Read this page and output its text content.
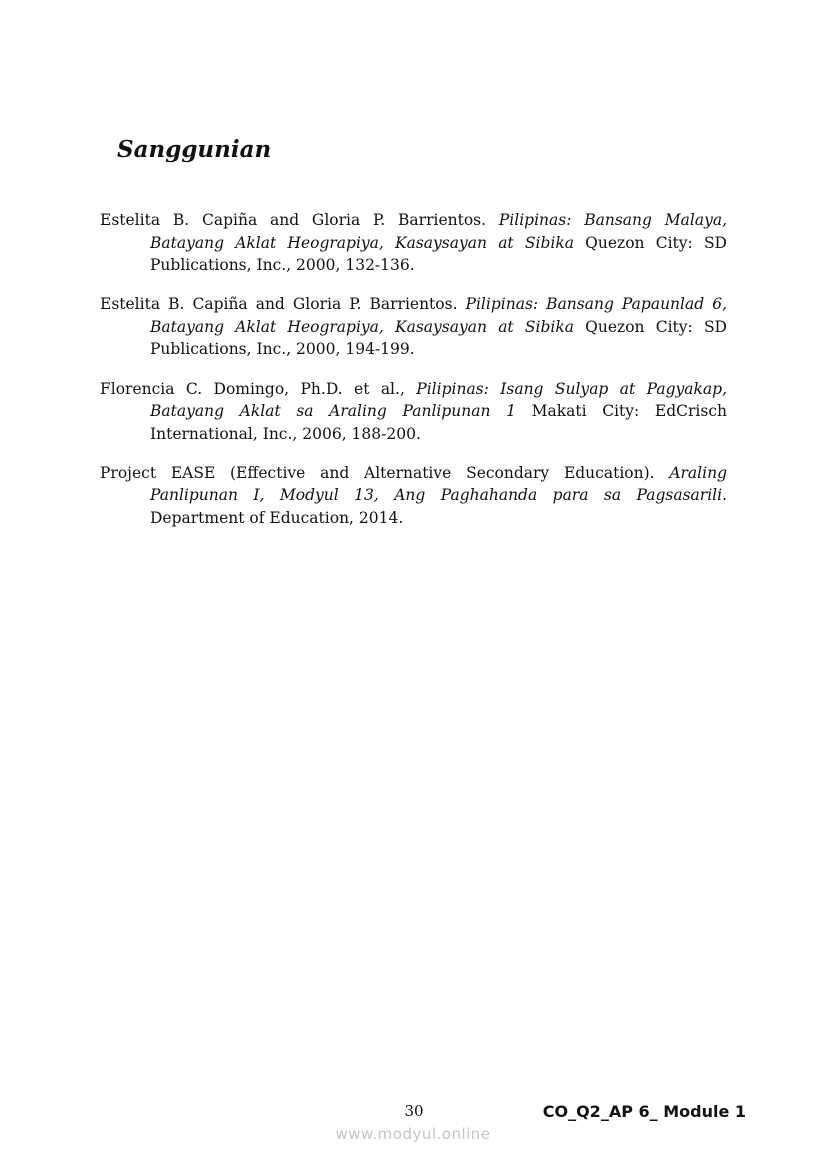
Sanggunian
Estelita B. Capiña and Gloria P. Barrientos. Pilipinas: Bansang Malaya, Batayang Aklat Heograpiya, Kasaysayan at Sibika Quezon City: SD Publications, Inc., 2000, 132-136.
Estelita B. Capiña and Gloria P. Barrientos. Pilipinas: Bansang Papaunlad 6, Batayang Aklat Heograpiya, Kasaysayan at Sibika Quezon City: SD Publications, Inc., 2000, 194-199.
Florencia C. Domingo, Ph.D. et al., Pilipinas: Isang Sulyap at Pagyakap, Batayang Aklat sa Araling Panlipunan 1 Makati City: EdCrisch International, Inc., 2006, 188-200.
Project EASE (Effective and Alternative Secondary Education). Araling Panlipunan I, Modyul 13, Ang Paghahanda para sa Pagsasarili. Department of Education, 2014.
30	CO_Q2_AP 6_ Module 1
www.modyul.online
